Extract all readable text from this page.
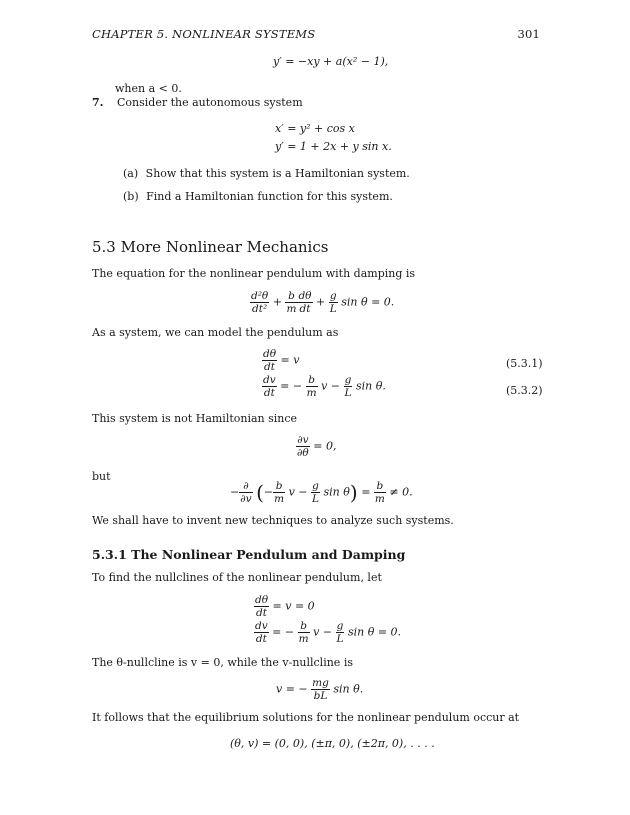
CHAPTER 5. NONLINEAR SYSTEMS	301
y′ = −xy + a(x² − 1),
when a < 0.
7. Consider the autonomous system
x′ = y² + cos x
y′ = 1 + 2x + y sin x.
(a) Show that this system is a Hamiltonian system.
(b) Find a Hamiltonian function for this system.
5.3 More Nonlinear Mechanics
The equation for the nonlinear pendulum with damping is
$\frac{\text{d²θ}}{\text{dt²}} + \frac{b}{m} \frac{d\theta}{dt} + \frac{g}{L}$ sin θ = 0.
As a system, we can model the pendulum as
$\frac{d\theta}{dt} = v$	(5.3.1)
$\frac{dv}{dt}$ = − $\frac{b}{m}$ $v - \frac{g}{L}$ sin θ.	(5.3.2)
This system is not Hamiltonian since
$\frac{\partial v}{\partial\theta} = 0$,
but
− $\frac{\partial}{\partial v}$ (− $\frac{b}{m}$ $v - \frac{g}{L}$ $\sin \theta) = \frac{b}{m} \ne 0$.
We shall have to invent new techniques to analyze such systems.
5.3.1 The Nonlinear Pendulum and Damping
To find the nullclines of the nonlinear pendulum, let
$\frac{d\theta}{dt} = v = 0$
$\frac{dv}{dt}$ = − $\frac{b}{m}$ $v - \frac{g}{L}$ sin θ = 0.
The θ-nullcline is v = 0, while the v-nullcline is
v = − $\frac{mg}{bL}$ sin θ.
It follows that the equilibrium solutions for the nonlinear pendulum occur at
(θ, v) = (0, 0), (±π, 0), (±2π, 0), . . . .
